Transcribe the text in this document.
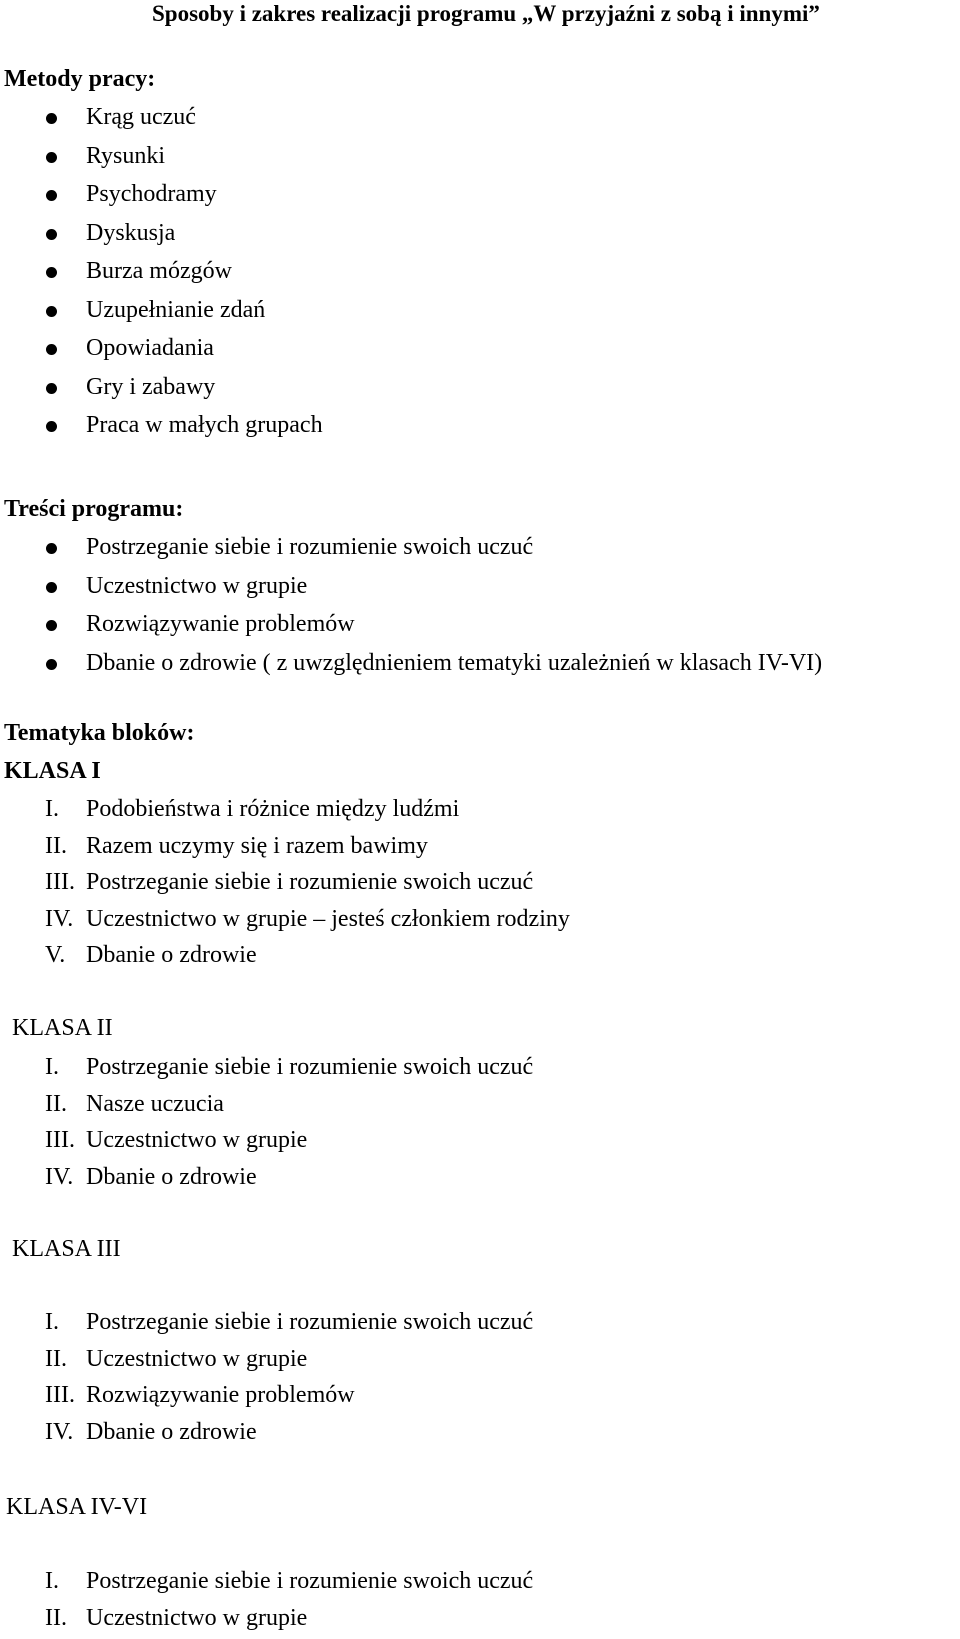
Sposoby i zakres realizacji programu „W przyjaźni z sobą i innymi”
Metody pracy:
Krąg uczuć
Rysunki
Psychodramy
Dyskusja
Burza mózgów
Uzupełnianie zdań
Opowiadania
Gry i zabawy
Praca w małych grupach
Treści programu:
Postrzeganie siebie i rozumienie swoich uczuć
Uczestnictwo w grupie
Rozwiązywanie problemów
Dbanie o zdrowie ( z uwzględnieniem tematyki uzależnień w klasach IV-VI)
Tematyka bloków:
KLASA I
I. Podobieństwa i różnice między ludźmi
II. Razem uczymy się i razem bawimy
III. Postrzeganie siebie i rozumienie swoich uczuć
IV. Uczestnictwo w grupie – jesteś członkiem rodziny
V. Dbanie o zdrowie
KLASA II
I. Postrzeganie siebie i rozumienie swoich uczuć
II. Nasze uczucia
III. Uczestnictwo w grupie
IV. Dbanie o zdrowie
KLASA III
I. Postrzeganie siebie i rozumienie swoich uczuć
II. Uczestnictwo w grupie
III. Rozwiązywanie problemów
IV. Dbanie o zdrowie
KLASA IV-VI
I. Postrzeganie siebie i rozumienie swoich uczuć
II. Uczestnictwo w grupie
